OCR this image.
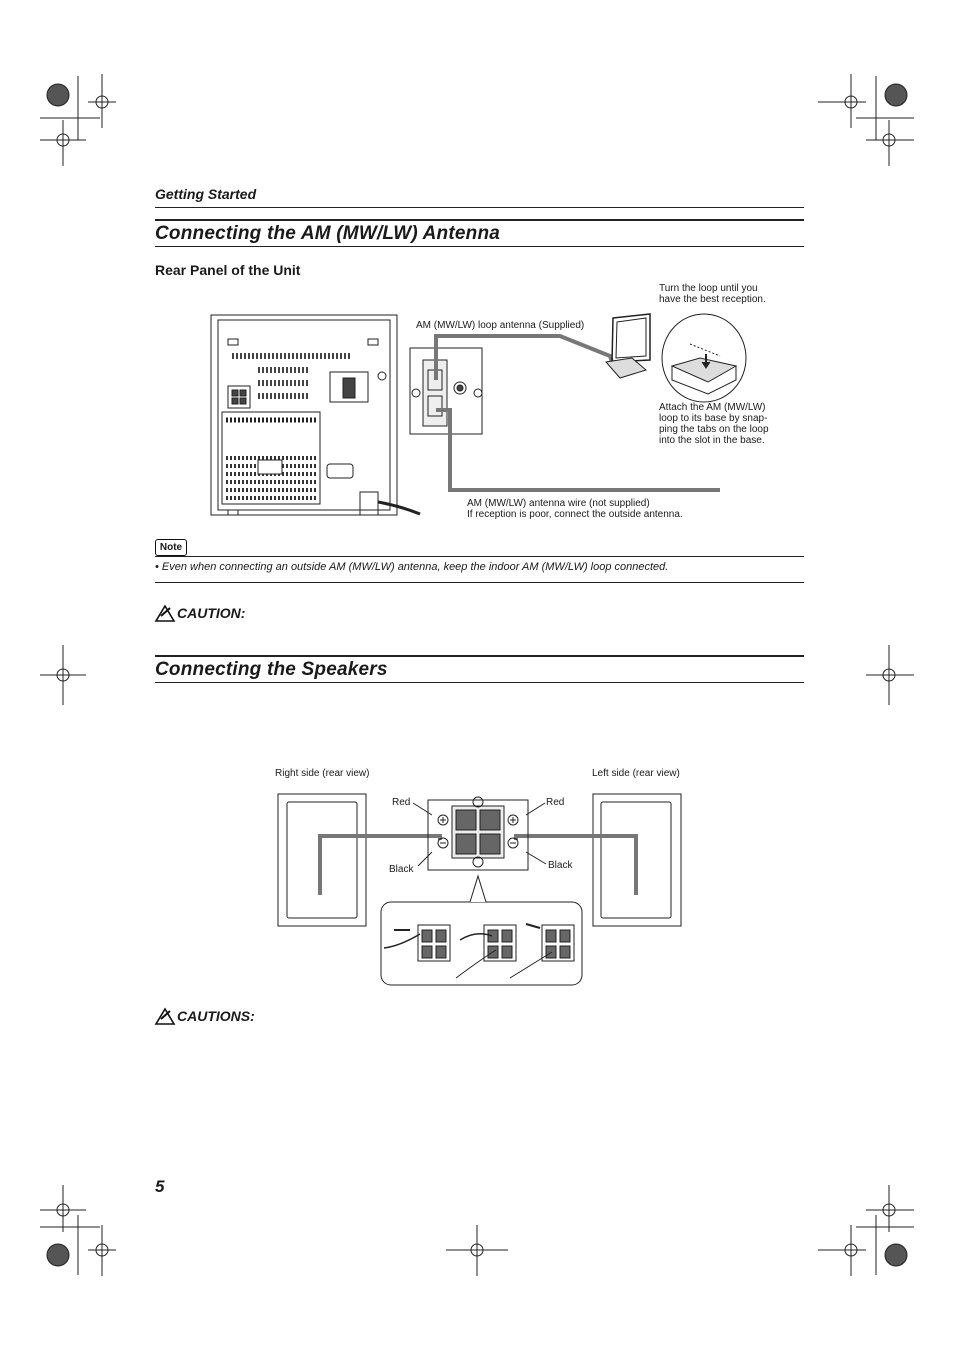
Getting Started
Connecting the AM (MW/LW) Antenna
Rear Panel of the Unit
Turn the loop until you
have the best reception.
AM (MW/LW) loop antenna (Supplied)
Attach the AM (MW/LW)
loop to its base by snap-
ping the tabs on the loop
into the slot in the base.
AM (MW/LW) antenna wire (not supplied)
If reception is poor, connect the outside antenna.
Note
• Even when connecting an outside AM (MW/LW) antenna, keep the indoor AM (MW/LW) loop connected.
CAUTION:
Connecting the Speakers
Right side (rear view)	Left side (rear view)
Red	Red
Black	Black
CAUTIONS:
5
